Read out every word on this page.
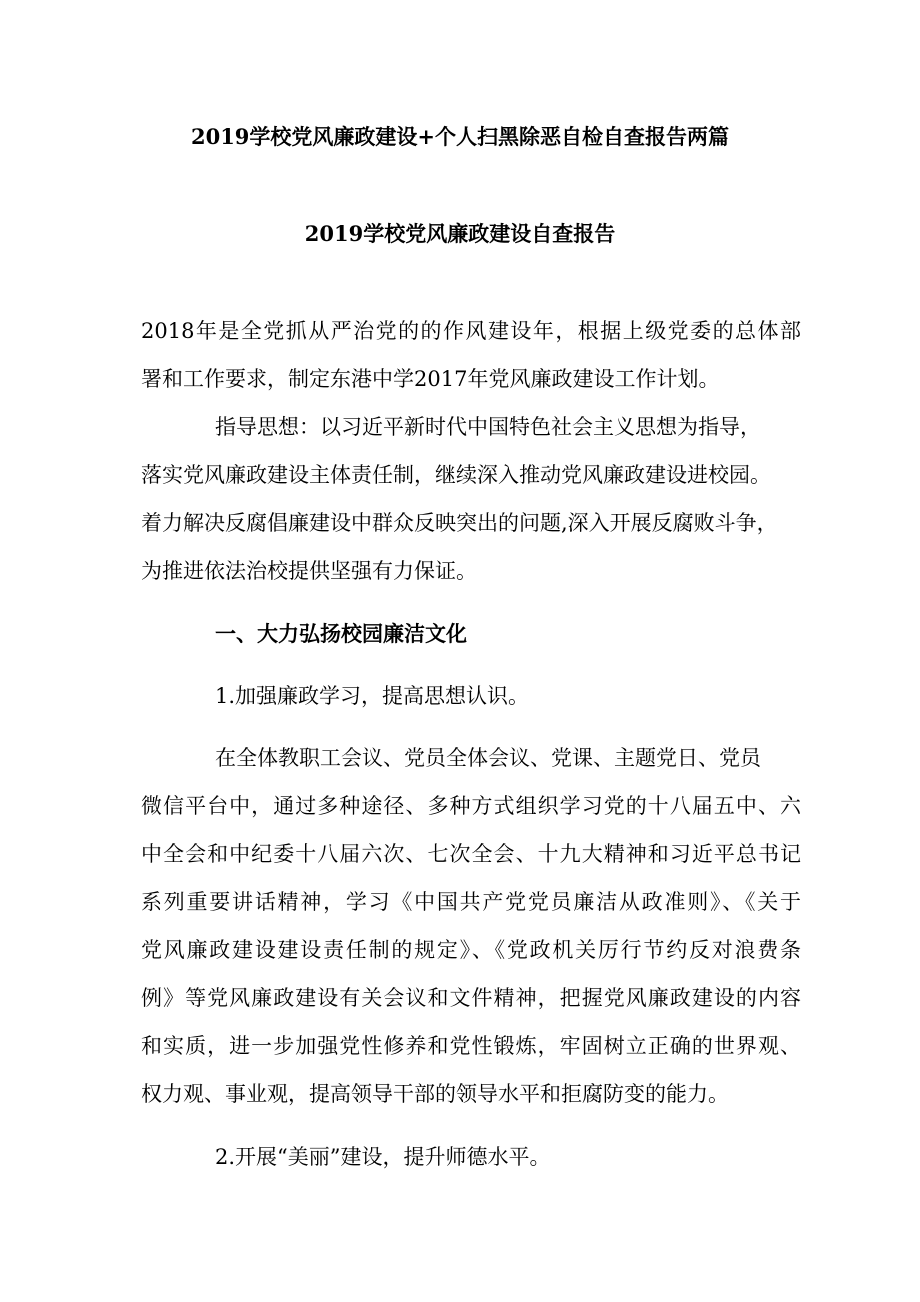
2019学校党风廉政建设+个人扫黑除恶自检自查报告两篇
2019学校党风廉政建设自查报告
2018年是全党抓从严治党的的作风建设年，根据上级党委的总体部
署和工作要求，制定东港中学2017年党风廉政建设工作计划。
指导思想：以习近平新时代中国特色社会主义思想为指导，
落实党风廉政建设主体责任制，继续深入推动党风廉政建设进校园。
着力解决反腐倡廉建设中群众反映突出的问题,深入开展反腐败斗争，
为推进依法治校提供坚强有力保证。
一、大力弘扬校园廉洁文化
1.加强廉政学习，提高思想认识。
在全体教职工会议、党员全体会议、党课、主题党日、党员
微信平台中，通过多种途径、多种方式组织学习党的十八届五中、六
中全会和中纪委十八届六次、七次全会、十九大精神和习近平总书记
系列重要讲话精神，学习《中国共产党党员廉洁从政准则》、《关于
党风廉政建设建设责任制的规定》、《党政机关厉行节约反对浪费条
例》等党风廉政建设有关会议和文件精神，把握党风廉政建设的内容
和实质，进一步加强党性修养和党性锻炼，牢固树立正确的世界观、
权力观、事业观，提高领导干部的领导水平和拒腐防变的能力。
2.开展“美丽”建设，提升师德水平。
